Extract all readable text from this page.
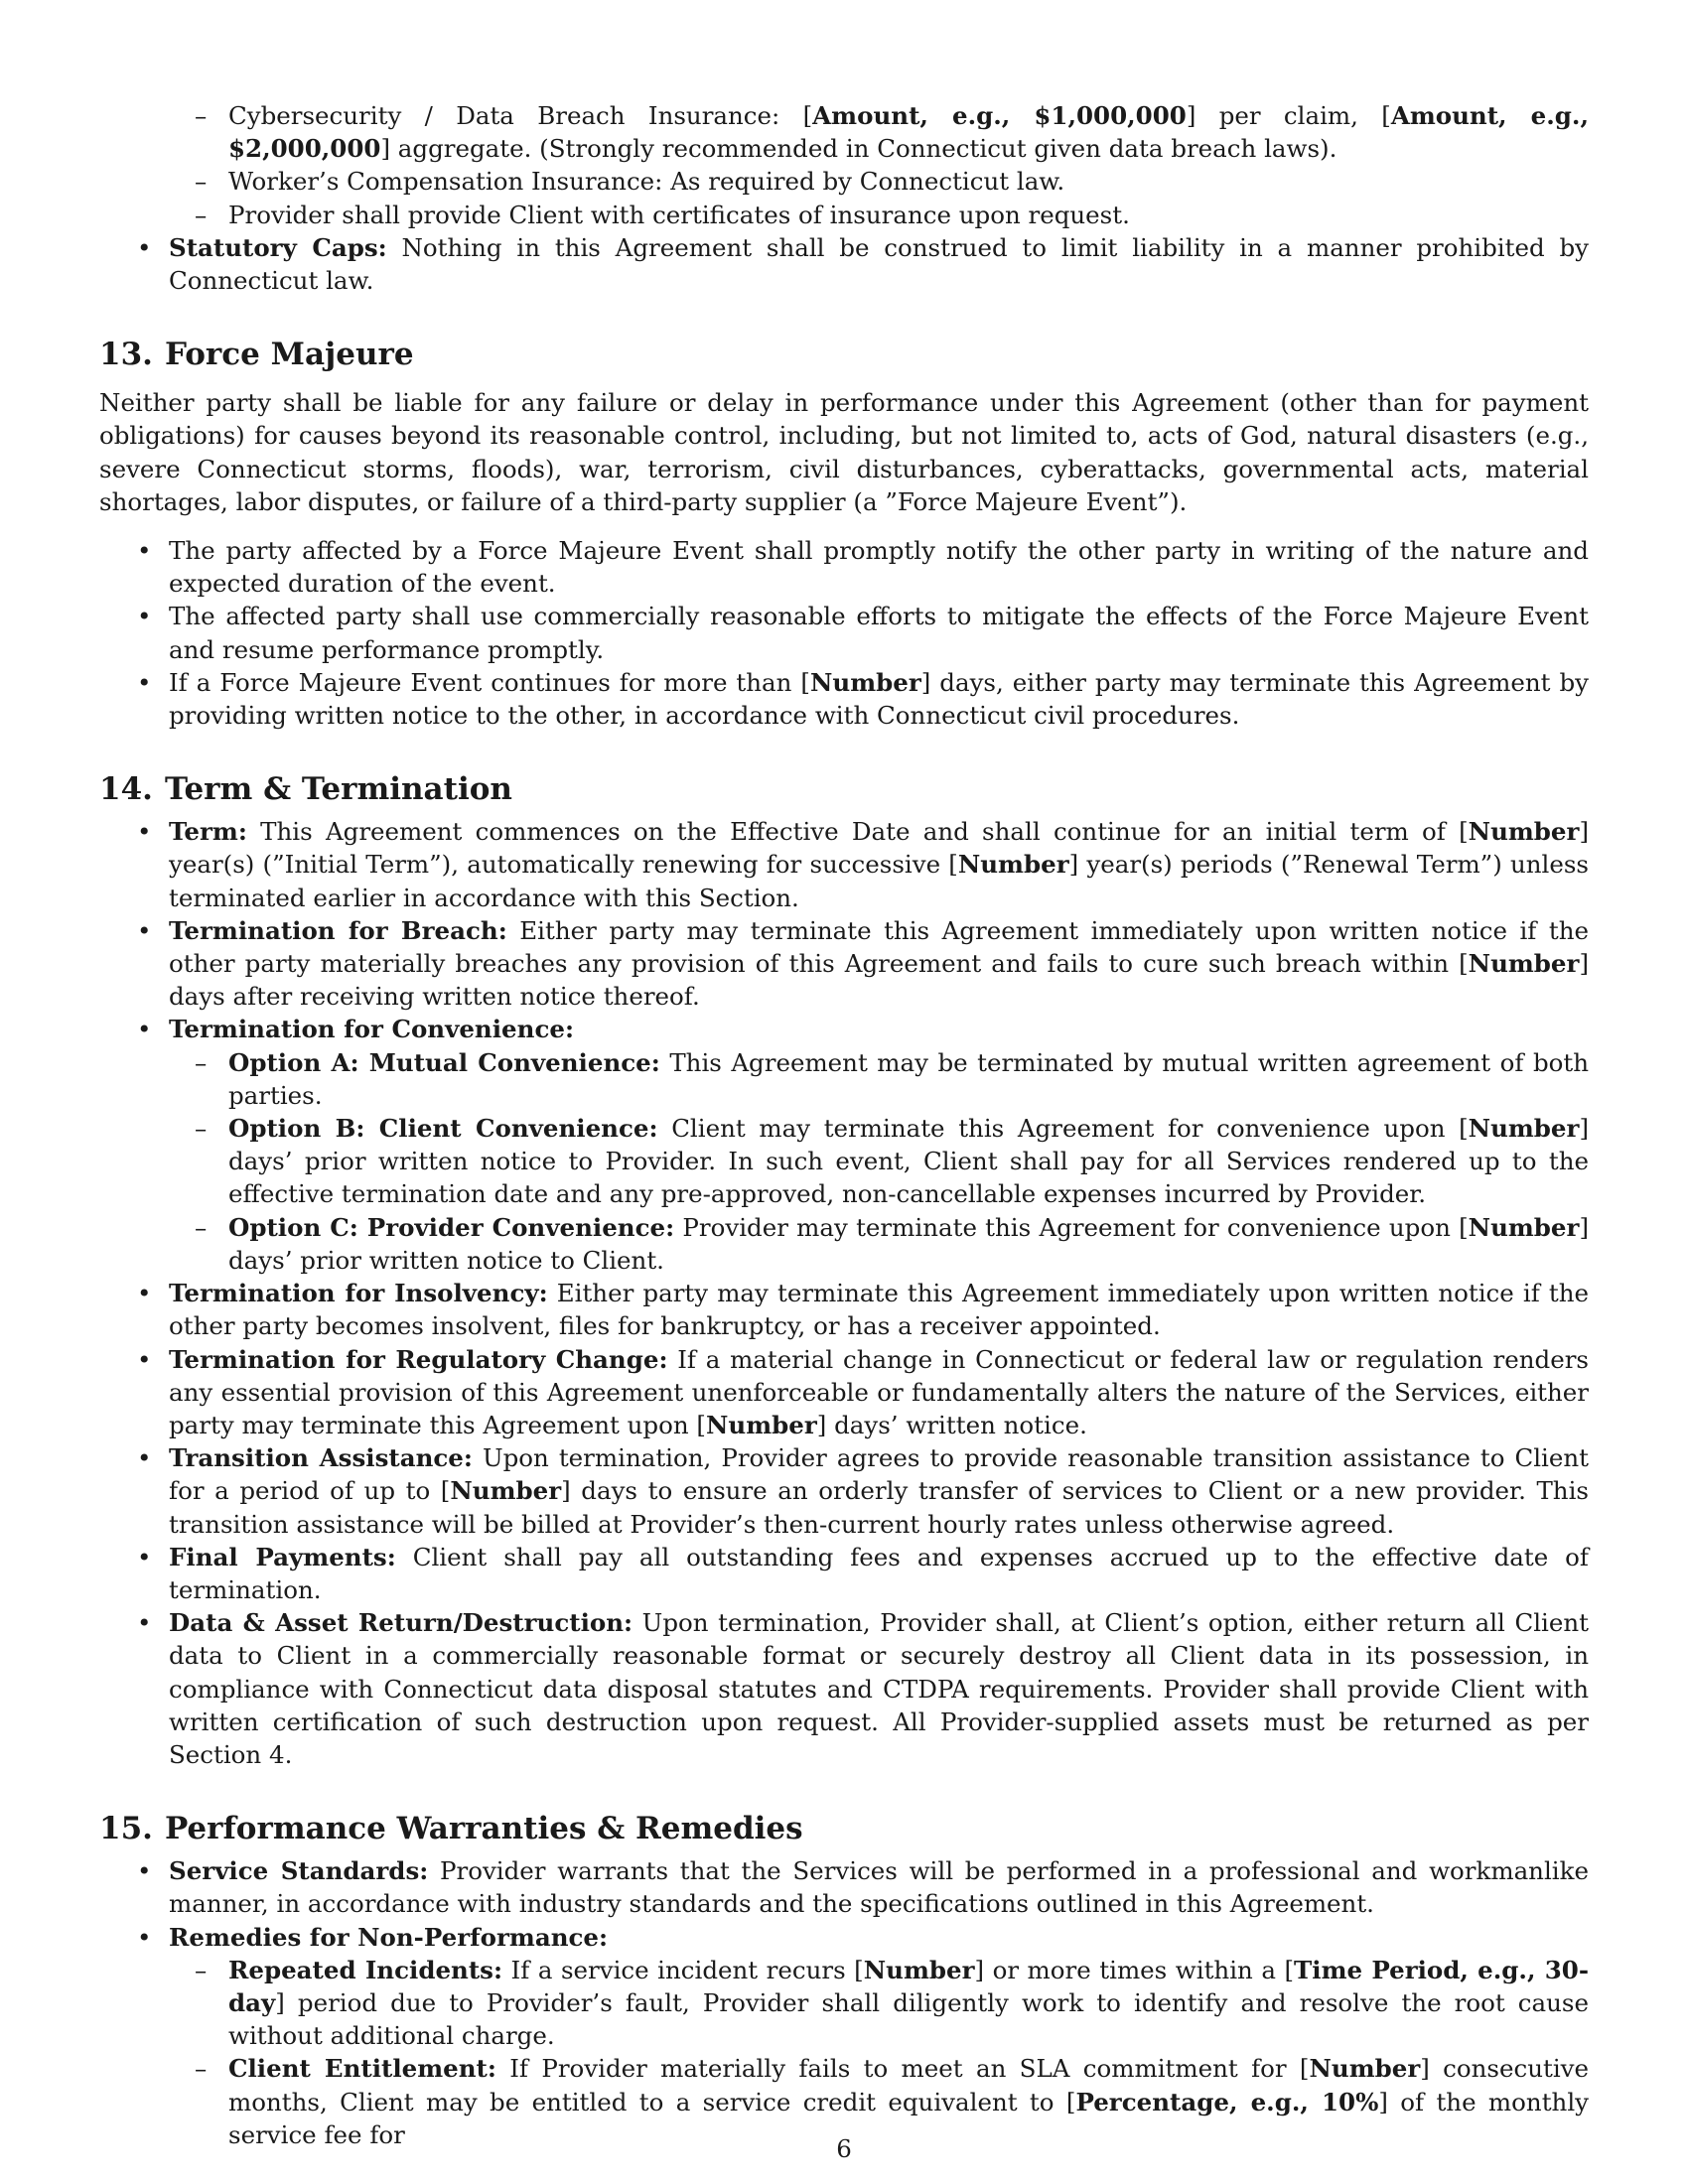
– Cybersecurity / Data Breach Insurance: [Amount, e.g., $1,000,000] per claim, [Amount, e.g., $2,000,000] aggregate. (Strongly recommended in Connecticut given data breach laws).
– Worker’s Compensation Insurance: As required by Connecticut law.
– Provider shall provide Client with certificates of insurance upon request.
• Statutory Caps: Nothing in this Agreement shall be construed to limit liability in a manner prohibited by Connecticut law.
13. Force Majeure
Neither party shall be liable for any failure or delay in performance under this Agreement (other than for payment obligations) for causes beyond its reasonable control, including, but not limited to, acts of God, natural disasters (e.g., severe Connecticut storms, floods), war, terrorism, civil disturbances, cyberattacks, governmental acts, material shortages, labor disputes, or failure of a third-party supplier (a ”Force Majeure Event”).
• The party affected by a Force Majeure Event shall promptly notify the other party in writing of the nature and expected duration of the event.
• The affected party shall use commercially reasonable efforts to mitigate the effects of the Force Majeure Event and resume performance promptly.
• If a Force Majeure Event continues for more than [Number] days, either party may terminate this Agreement by providing written notice to the other, in accordance with Connecticut civil procedures.
14. Term & Termination
• Term: This Agreement commences on the Effective Date and shall continue for an initial term of [Number] year(s) (”Initial Term”), automatically renewing for successive [Number] year(s) periods (”Renewal Term”) unless terminated earlier in accordance with this Section.
• Termination for Breach: Either party may terminate this Agreement immediately upon written notice if the other party materially breaches any provision of this Agreement and fails to cure such breach within [Number] days after receiving written notice thereof.
• Termination for Convenience:
– Option A: Mutual Convenience: This Agreement may be terminated by mutual written agreement of both parties.
– Option B: Client Convenience: Client may terminate this Agreement for convenience upon [Number] days’ prior written notice to Provider. In such event, Client shall pay for all Services rendered up to the effective termination date and any pre-approved, non-cancellable expenses incurred by Provider.
– Option C: Provider Convenience: Provider may terminate this Agreement for convenience upon [Number] days’ prior written notice to Client.
• Termination for Insolvency: Either party may terminate this Agreement immediately upon written notice if the other party becomes insolvent, files for bankruptcy, or has a receiver appointed.
• Termination for Regulatory Change: If a material change in Connecticut or federal law or regulation renders any essential provision of this Agreement unenforceable or fundamentally alters the nature of the Services, either party may terminate this Agreement upon [Number] days’ written notice.
• Transition Assistance: Upon termination, Provider agrees to provide reasonable transition assistance to Client for a period of up to [Number] days to ensure an orderly transfer of services to Client or a new provider. This transition assistance will be billed at Provider’s then-current hourly rates unless otherwise agreed.
• Final Payments: Client shall pay all outstanding fees and expenses accrued up to the effective date of termination.
• Data & Asset Return/Destruction: Upon termination, Provider shall, at Client’s option, either return all Client data to Client in a commercially reasonable format or securely destroy all Client data in its possession, in compliance with Connecticut data disposal statutes and CTDPA requirements. Provider shall provide Client with written certification of such destruction upon request. All Provider-supplied assets must be returned as per Section 4.
15. Performance Warranties & Remedies
• Service Standards: Provider warrants that the Services will be performed in a professional and workmanlike manner, in accordance with industry standards and the specifications outlined in this Agreement.
• Remedies for Non-Performance:
– Repeated Incidents: If a service incident recurs [Number] or more times within a [Time Period, e.g., 30-day] period due to Provider’s fault, Provider shall diligently work to identify and resolve the root cause without additional charge.
– Client Entitlement: If Provider materially fails to meet an SLA commitment for [Number] consecutive months, Client may be entitled to a service credit equivalent to [Percentage, e.g., 10%] of the monthly service fee for	6
